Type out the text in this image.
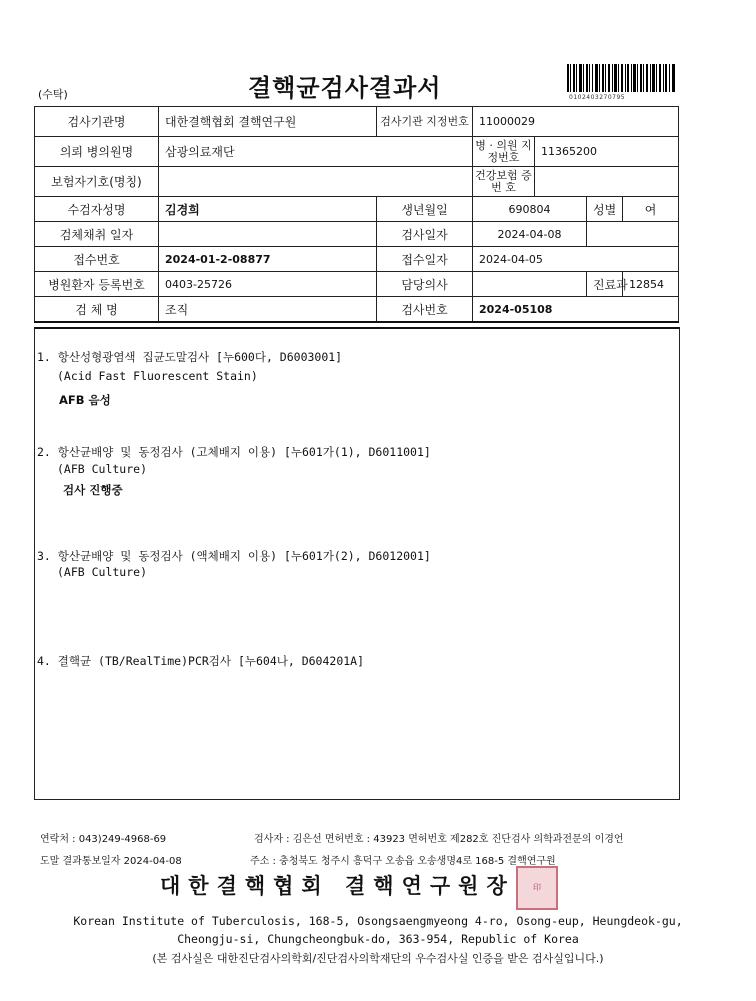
(수탁)	결핵균검사결과서	0102403270795
검사기관명	대한결핵협회 결핵연구원	검사기관 지정번호	11000029			
의뢰 병의원명	삼광의료재단		병 · 의원 지정번호	11365200		
보험자기호(명칭)			건강보험 증 번 호			
수검자성명	김경희	생년월일	690804		성별	여
검체채취 일자		검사일자	2024-04-08			
접수번호	2024-01-2-08877	접수일자	2024-04-05			
병원환자 등록번호	0403-25726	담당의사			진료과	12854
검 체 명	조직	검사번호	2024-05108			
1. 항산성형광염색 집균도말검사 [누600다, D6003001]
(Acid Fast Fluorescent Stain)
AFB 음성
2. 항산균배양 및 동정검사 (고체배지 이용) [누601가(1), D6011001]
(AFB Culture)
검사 진행중
3. 항산균배양 및 동정검사 (액체배지 이용) [누601가(2), D6012001]
(AFB Culture)
4. 결핵균 (TB/RealTime)PCR검사 [누604나, D604201A]
연락처 : 043)249-4968-69	검사자 : 김은선 면허번호 : 43923 면허번호 제282호 진단검사 의학과전문의 이경언
도말 결과통보일자 2024-04-08	주소 : 충청북도 청주시 흥덕구 오송읍 오송생명4로 168-5 결핵연구원
대한결핵협회 결핵연구원장 印
Korean Institute of Tuberculosis, 168-5, Osongsaengmyeong 4-ro, Osong-eup, Heungdeok-gu,
Cheongju-si, Chungcheongbuk-do, 363-954, Republic of Korea
(본 검사실은 대한진단검사의학회/진단검사의학재단의 우수검사실 인증을 받은 검사실입니다.)
